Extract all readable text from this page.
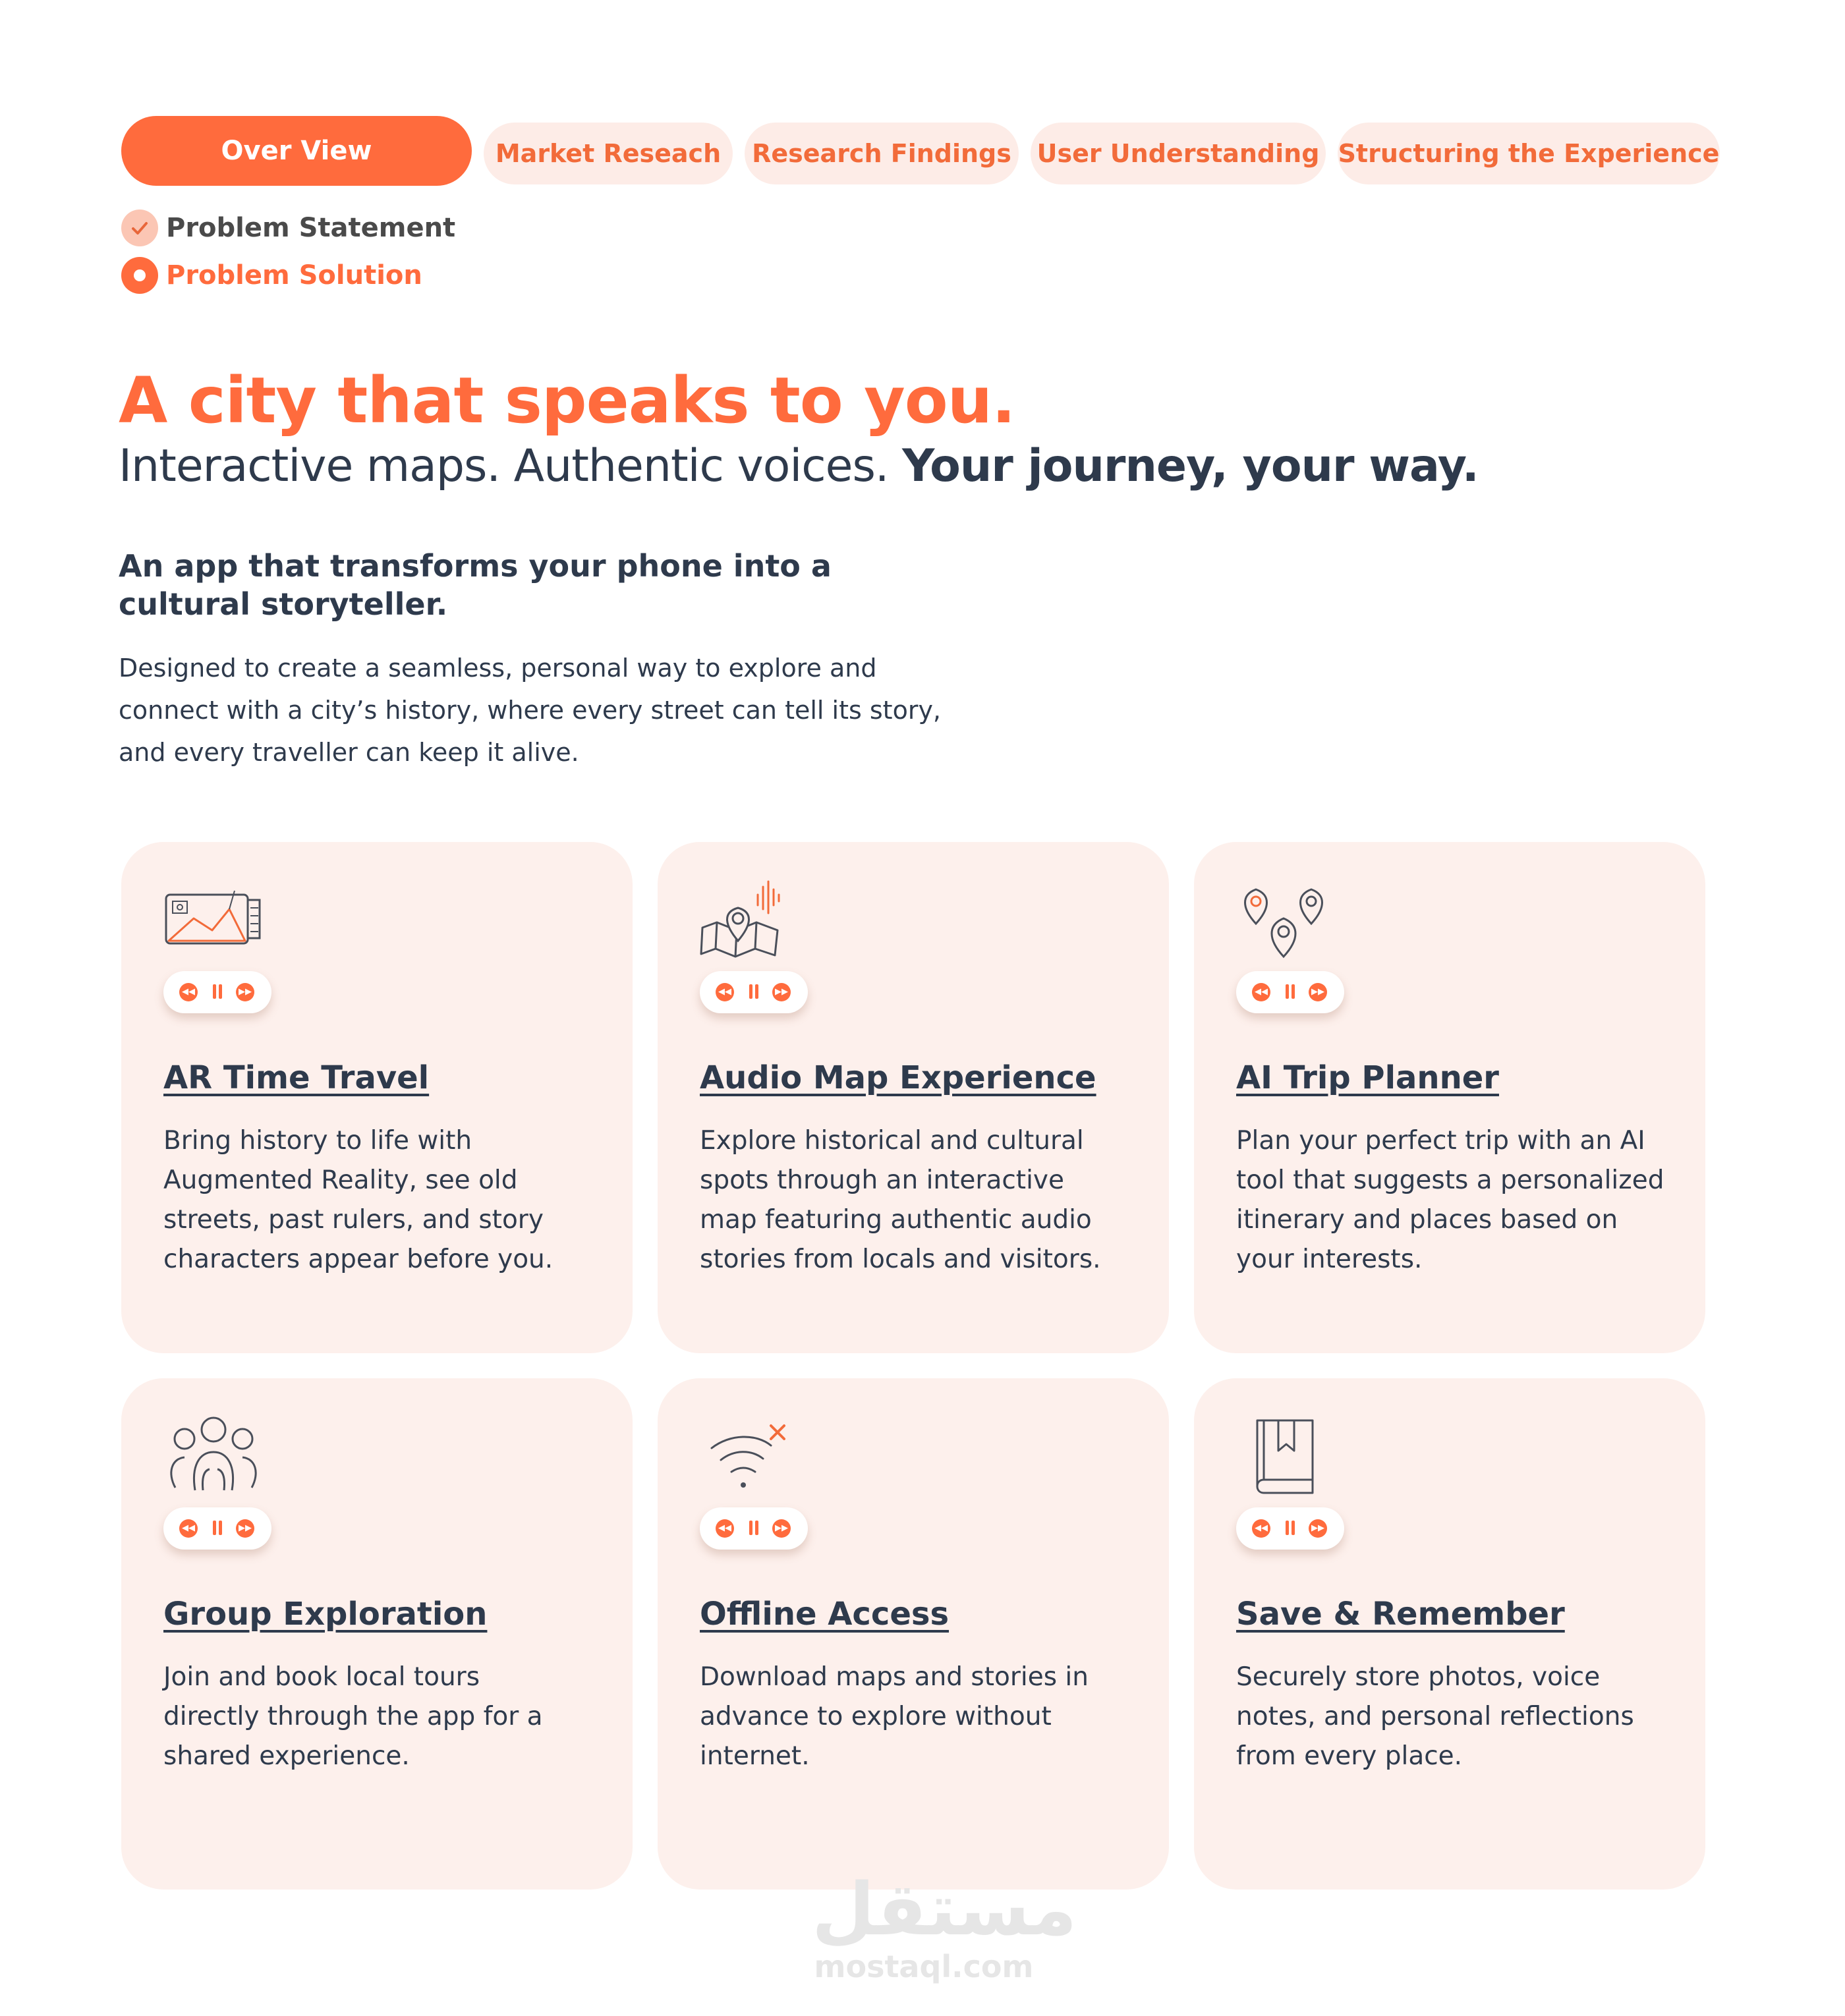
Over View	Market Reseach	Research Findings User Understanding Structuring the Experience
Problem Statement
Problem Solution
A city that speaks to you.
Interactive maps. Authentic voices. Your journey, your way.
An app that transforms your phone into a cultural storyteller.
Designed to create a seamless, personal way to explore and connect with a city’s history, where every street can tell its story, and every traveller can keep it alive.
◀◀	▶▶
AR Time Travel

Bring history to life with
Augmented Reality, see old
streets, past rulers, and story
characters appear before you.

◀◀	▶▶
Audio Map Experience

Explore historical and cultural
spots through an interactive
map featuring authentic audio
stories from locals and visitors.

◀◀	▶▶
AI Trip Planner

Plan your perfect trip with an AI
tool that suggests a personalized
itinerary and places based on
your interests.

◀◀	▶▶
Group Exploration

Join and book local tours
directly through the app for a
shared experience.

◀◀	▶▶
Offline Access

Download maps and stories in
advance to explore without
internet.

◀◀	▶▶
Save & Remember

Securely store photos, voice
notes, and personal reflections
from every place.

مستقل
mostaql.com
